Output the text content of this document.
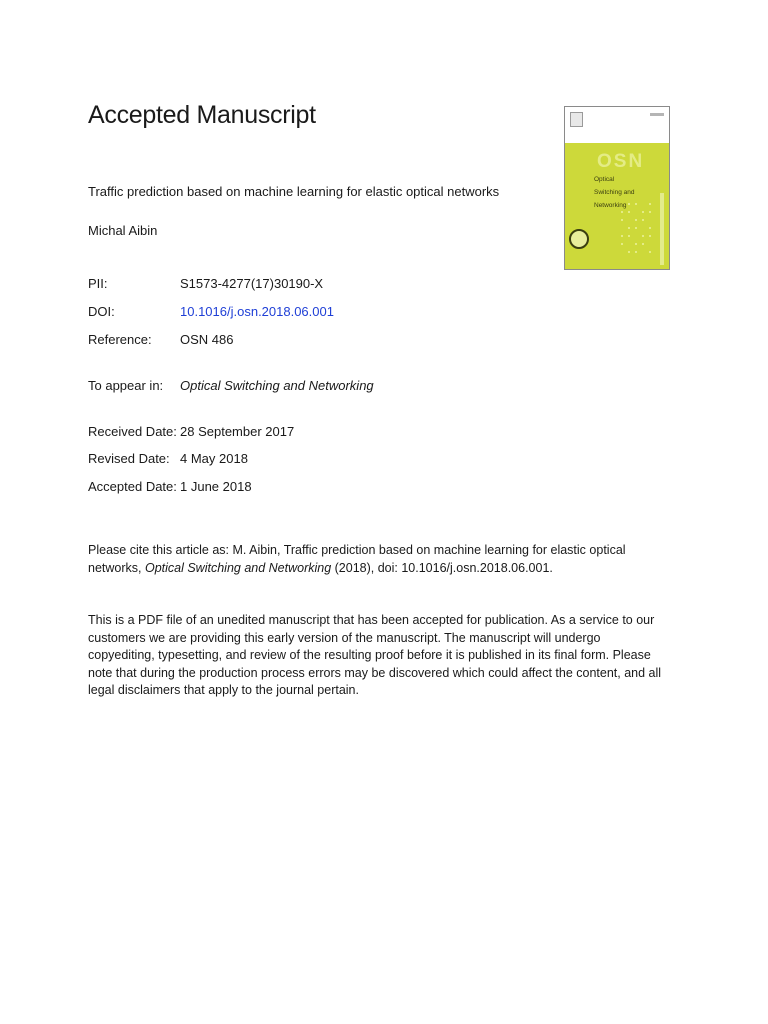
Accepted Manuscript
Traffic prediction based on machine learning for elastic optical networks
Michal Aibin
PII:	S1573-4277(17)30190-X
DOI:	10.1016/j.osn.2018.06.001
Reference: OSN 486
To appear in: Optical Switching and Networking
Received Date: 28 September 2017
Revised Date: 4 May 2018
Accepted Date: 1 June 2018
Please cite this article as: M. Aibin, Traffic prediction based on machine learning for elastic optical networks, Optical Switching and Networking (2018), doi: 10.1016/j.osn.2018.06.001.
This is a PDF file of an unedited manuscript that has been accepted for publication. As a service to our customers we are providing this early version of the manuscript. The manuscript will undergo copyediting, typesetting, and review of the resulting proof before it is published in its final form. Please note that during the production process errors may be discovered which could affect the content, and all legal disclaimers that apply to the journal pertain.
OSN
Optical
Switching and
Networking
